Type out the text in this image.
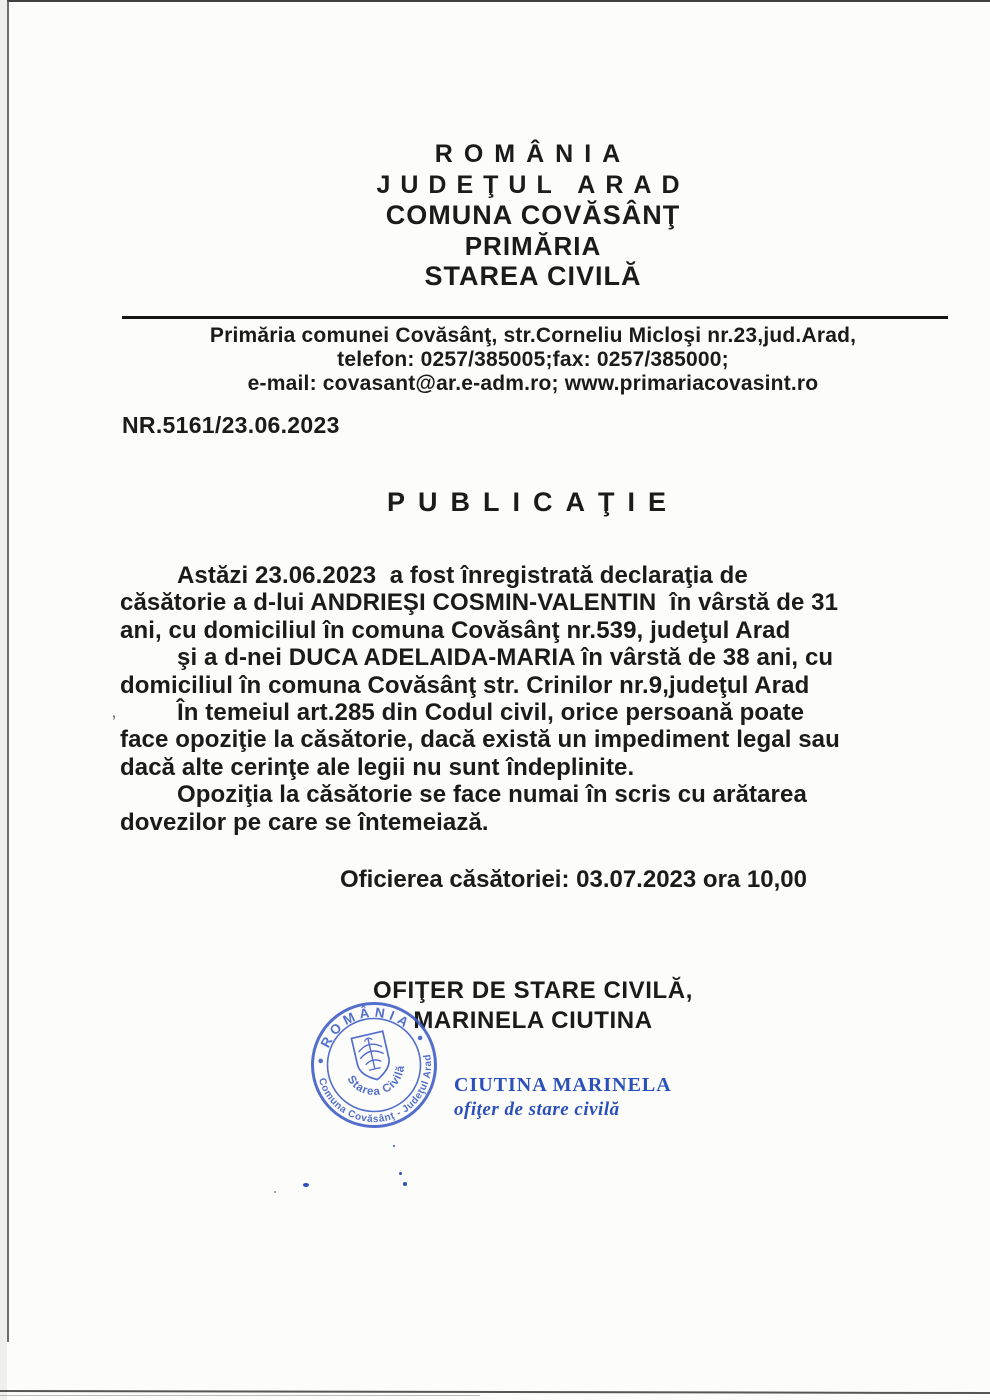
ROMÂNIA
JUDEŢUL ARAD
COMUNA COVĂSÂNŢ
PRIMĂRIA
STAREA CIVILĂ
Primăria comunei Covăsânţ, str.Corneliu Micloşi nr.23,jud.Arad,
telefon: 0257/385005;fax: 0257/385000;
e-mail: covasant@ar.e-adm.ro; www.primariacovasint.ro
NR.5161/23.06.2023
PUBLICAŢIE
Astăzi 23.06.2023  a fost înregistrată declaraţia de
căsătorie a d-lui ANDRIEŞI COSMIN-VALENTIN  în vârstă de 31
ani, cu domiciliul în comuna Covăsânţ nr.539, judeţul Arad
şi a d-nei DUCA ADELAIDA-MARIA în vârstă de 38 ani, cu
domiciliul în comuna Covăsânţ str. Crinilor nr.9,judeţul Arad
În temeiul art.285 din Codul civil, orice persoană poate
face opoziţie la căsătorie, dacă există un impediment legal sau
dacă alte cerinţe ale legii nu sunt îndeplinite.
Opoziţia la căsătorie se face numai în scris cu arătarea
dovezilor pe care se întemeiază.
’
Oficierea căsătoriei: 03.07.2023 ora 10,00
OFIŢER DE STARE CIVILĂ,
MARINELA CIUTINA
ROMÂNIA
Comuna Covăsânţ - Judeţul Arad
Starea Civilă
CIUTINA MARINELA
ofiţer de stare civilă
